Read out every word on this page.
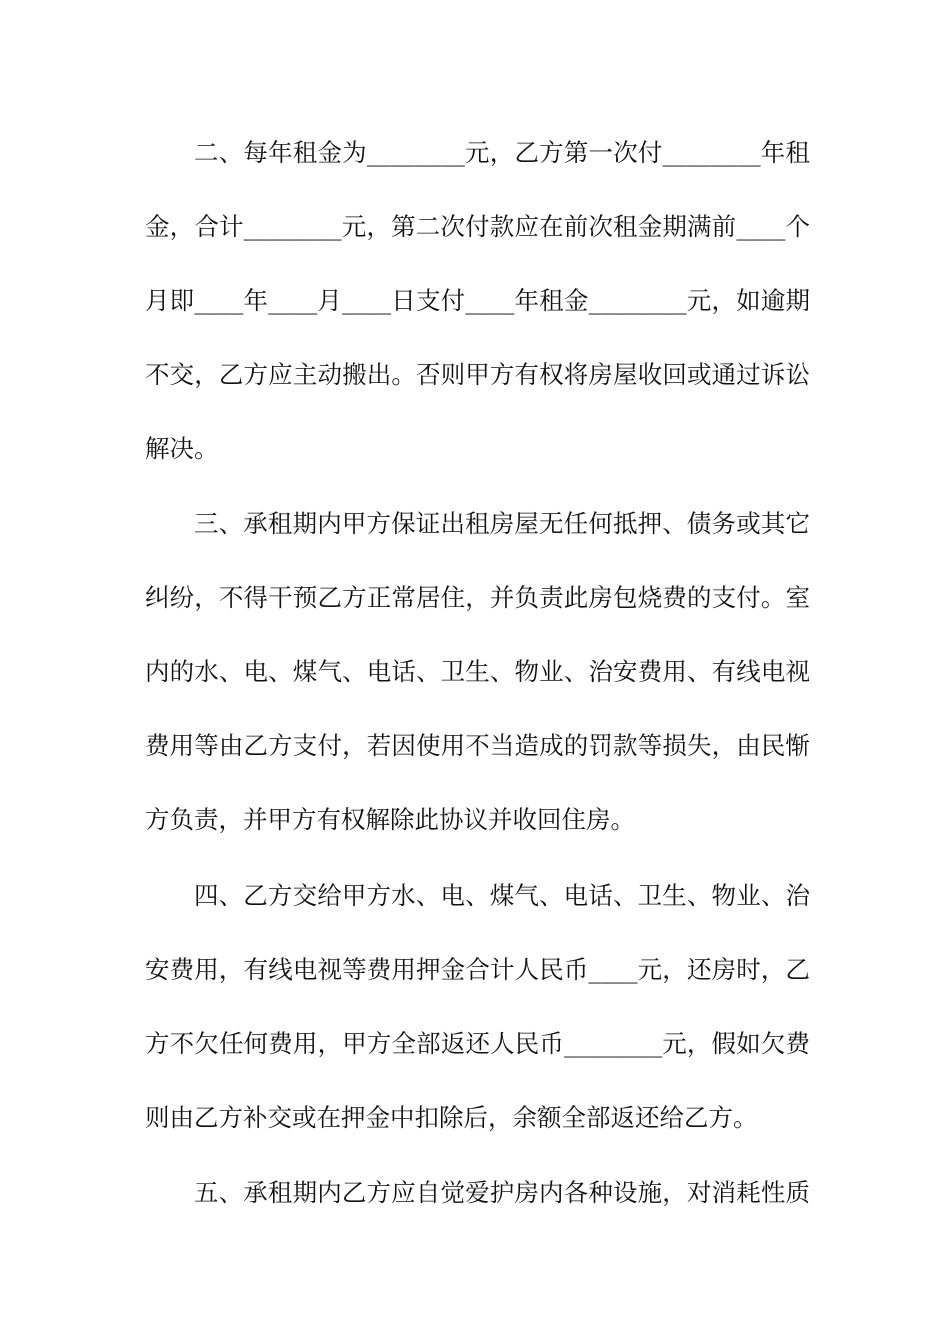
二、每年租金为________元，乙方第一次付________年租
金，合计________元，第二次付款应在前次租金期满前____个
月即____年____月____日支付____年租金________元，如逾期
不交，乙方应主动搬出。否则甲方有权将房屋收回或通过诉讼
解决。
三、承租期内甲方保证出租房屋无任何抵押、债务或其它
纠纷，不得干预乙方正常居住，并负责此房包烧费的支付。室
内的水、电、煤气、电话、卫生、物业、治安费用、有线电视
费用等由乙方支付，若因使用不当造成的罚款等损失，由民惭
方负责，并甲方有权解除此协议并收回住房。
四、乙方交给甲方水、电、煤气、电话、卫生、物业、治
安费用，有线电视等费用押金合计人民币____元，还房时，乙
方不欠任何费用，甲方全部返还人民币________元，假如欠费
则由乙方补交或在押金中扣除后，余额全部返还给乙方。
五、承租期内乙方应自觉爱护房内各种设施，对消耗性质
